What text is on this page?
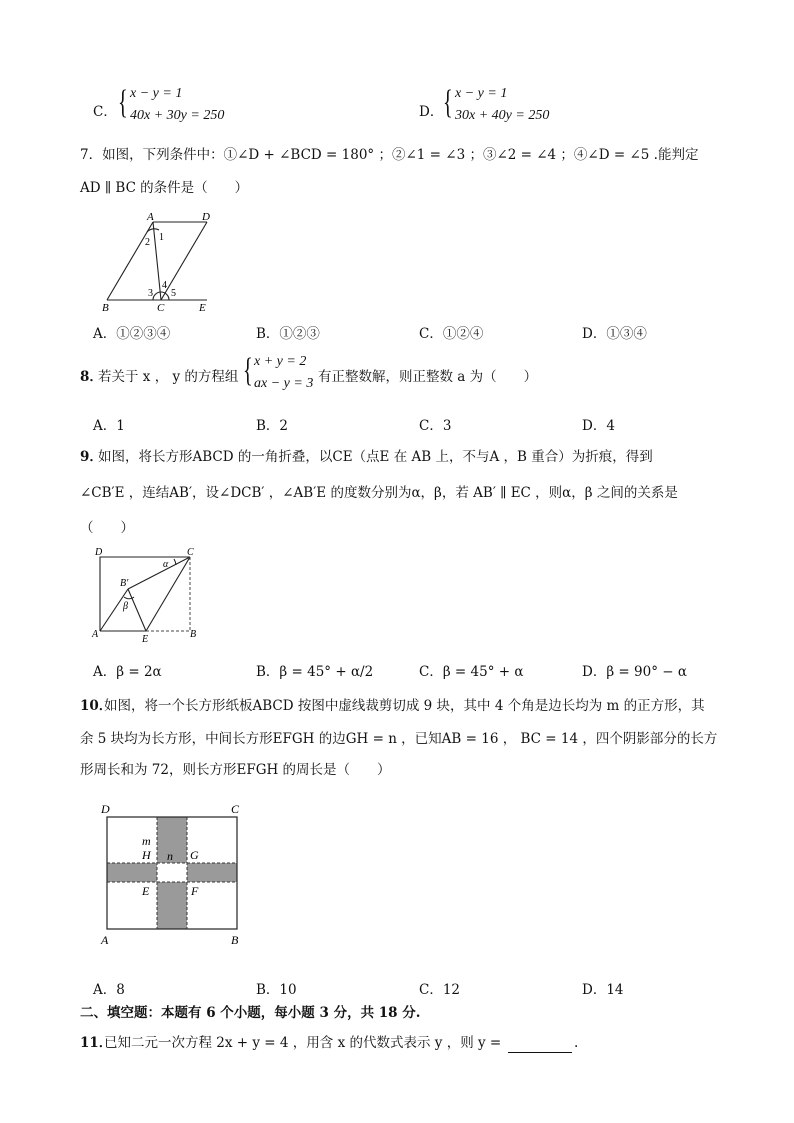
C． { x − y = 1
40x + 30y = 250	D． { x − y = 1
30x + 40y = 250
7．如图，下列条件中：①∠D + ∠BCD = 180° ；②∠1 = ∠3 ；③∠2 = ∠4 ；④∠D = ∠5 .能判定
AD ∥ BC 的条件是（　　）
A	D
B	C	E
1
2
3
4
5
A．①②③④	B．①②③	C．①②④	D．①③④
8．
若关于 x ， y 的方程组 { x + y = 2
ax − y = 3 有正整数解，则正整数 a 为（　　）
A．1	B．2	C．3	D．4
9．
如图，将长方形ABCD 的一角折叠，以CE（点E 在 AB 上，不与A ，B 重合）为折痕，得到
∠CB′E ，连结AB′，设∠DCB′ ，∠AB′E 的度数分别为α，β，若 AB′ ∥ EC ，则α，β 之间的关系是
（　　）
D	C
B′
α
β
A	E	B
A．β = 2α	B．β = 45° + α/2	C．β = 45° + α	D．β = 90° − α
10．
如图，将一个长方形纸板ABCD 按图中虚线裁剪切成 9 块，其中 4 个角是边长均为 m 的正方形，其
余 5 块均为长方形，中间长方形EFGH 的边GH = n ，已知AB = 16 ， BC = 14 ，四个阴影部分的长方
形周长和为 72，则长方形EFGH 的周长是（　　）
D	C
m
H n G
E	F
A	B
A．8	B．10	C．12	D．14
二、填空题：本题有 6 个小题，每小题 3 分，共 18 分.
11．
已知二元一次方程 2x + y = 4 ，用含 x 的代数式表示 y ，则 y =	.
